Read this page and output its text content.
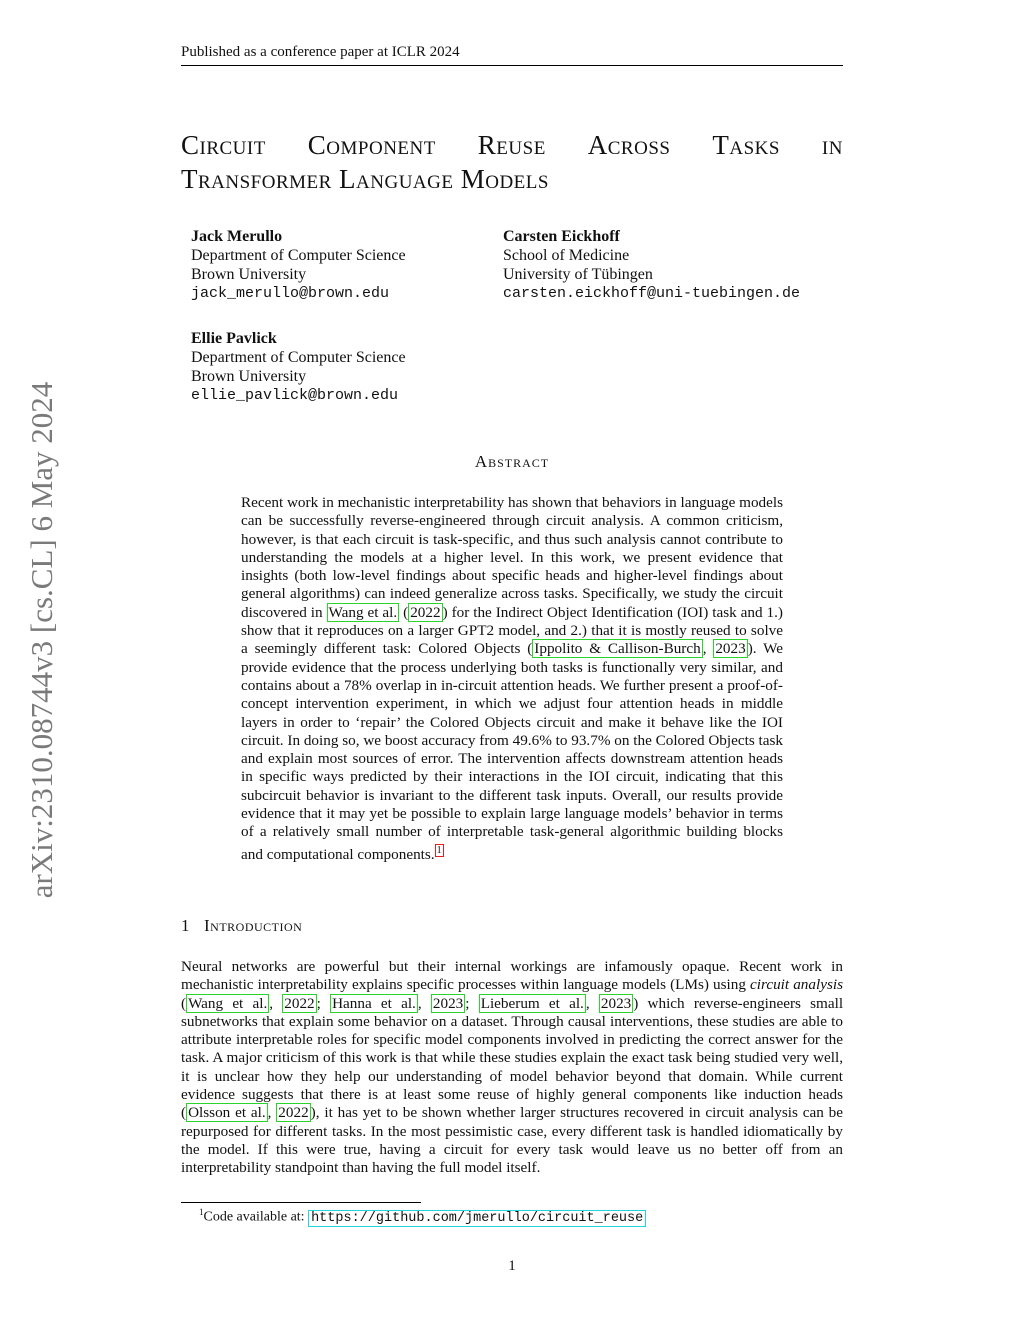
Published as a conference paper at ICLR 2024
arXiv:2310.08744v3 [cs.CL] 6 May 2024
Circuit Component Reuse Across Tasks in
Transformer Language Models
Jack Merullo
Department of Computer Science
Brown University
jack_merullo@brown.edu
Carsten Eickhoff
School of Medicine
University of Tübingen
carsten.eickhoff@uni-tuebingen.de
Ellie Pavlick
Department of Computer Science
Brown University
ellie_pavlick@brown.edu
Abstract
Recent work in mechanistic interpretability has shown that behaviors in language models can be successfully reverse-engineered through circuit analysis. A common criticism, however, is that each circuit is task-specific, and thus such analysis cannot contribute to understanding the models at a higher level. In this work, we present evidence that insights (both low-level findings about specific heads and higher-level findings about general algorithms) can indeed generalize across tasks. Specifically, we study the circuit discovered in Wang et al. ( 2022 ) for the Indirect Object Identification (IOI) task and 1.) show that it reproduces on a larger GPT2 model, and 2.) that it is mostly reused to solve a seemingly different task: Colored Objects ( Ippolito & Callison-Burch , 2023 ). We provide evidence that the process underlying both tasks is functionally very similar, and contains about a 78% overlap in in-circuit attention heads. We further present a proof-of-concept intervention experiment, in which we adjust four attention heads in middle layers in order to ‘repair’ the Colored Objects circuit and make it behave like the IOI circuit. In doing so, we boost accuracy from 49.6% to 93.7% on the Colored Objects task and explain most sources of error. The intervention affects downstream attention heads in specific ways predicted by their interactions in the IOI circuit, indicating that this subcircuit behavior is invariant to the different task inputs. Overall, our results provide evidence that it may yet be possible to explain large language models’ behavior in terms of a relatively small number of interpretable task-general algorithmic building blocks and computational components. $^1$
1 Introduction
Neural networks are powerful but their internal workings are infamously opaque. Recent work in mechanistic interpretability explains specific processes within language models (LMs) using circuit analysis ( Wang et al. , 2022 ; Hanna et al. , 2023 ; Lieberum et al. , 2023 ) which reverse-engineers small subnetworks that explain some behavior on a dataset. Through causal interventions, these studies are able to attribute interpretable roles for specific model components involved in predicting the correct answer for the task. A major criticism of this work is that while these studies explain the exact task being studied very well, it is unclear how they help our understanding of model behavior beyond that domain. While current evidence suggests that there is at least some reuse of highly general components like induction heads ( Olsson et al. , 2022 ), it has yet to be shown whether larger structures recovered in circuit analysis can be repurposed for different tasks. In the most pessimistic case, every different task is handled idiomatically by the model. If this were true, having a circuit for every task would leave us no better off from an interpretability standpoint than having the full model itself.
$^1$Code available at: https://github.com/jmerullo/circuit_reuse
1
